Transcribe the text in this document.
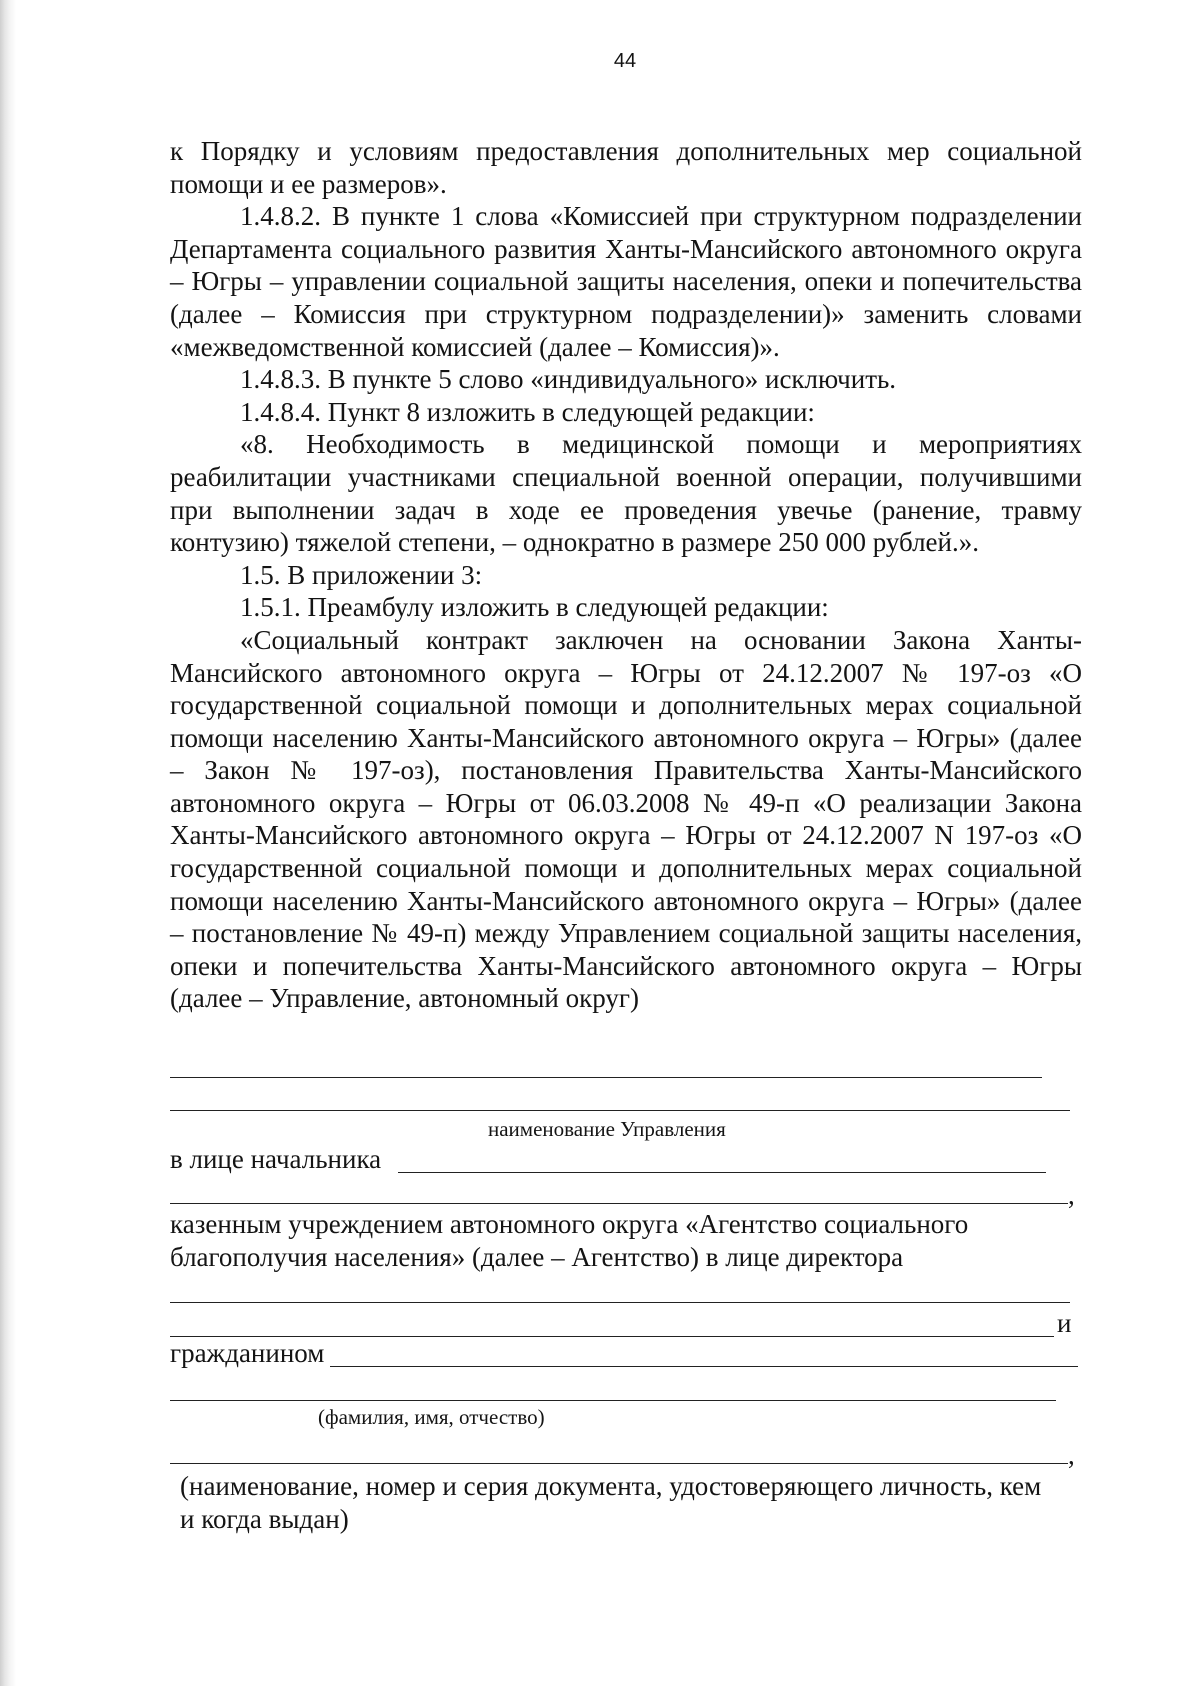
44

к Порядку и условиям предоставления дополнительных мер социальной помощи и ее размеров».

1.4.8.2. В пункте 1 слова «Комиссией при структурном подразделении Департамента социального развития Ханты-Мансийского автономного округа – Югры – управлении социальной защиты населения, опеки и попечительства (далее – Комиссия при структурном подразделении)» заменить словами «межведомственной комиссией (далее – Комиссия)».

1.4.8.3. В пункте 5 слово «индивидуального» исключить.

1.4.8.4. Пункт 8 изложить в следующей редакции:

«8. Необходимость в медицинской помощи и мероприятиях реабилитации участниками специальной военной операции, получившими при выполнении задач в ходе ее проведения увечье (ранение, травму контузию) тяжелой степени, – однократно в размере 250 000 рублей.».

1.5. В приложении 3:

1.5.1. Преамбулу изложить в следующей редакции:

«Социальный контракт заключен на основании Закона Ханты-Мансийского автономного округа – Югры от 24.12.2007 № 197-оз «О государственной социальной помощи и дополнительных мерах социальной помощи населению Ханты-Мансийского автономного округа – Югры» (далее – Закон № 197-оз), постановления Правительства Ханты-Мансийского автономного округа – Югры от 06.03.2008 № 49-п «О реализации Закона Ханты-Мансийского автономного округа – Югры от 24.12.2007 N 197-оз «О государственной социальной помощи и дополнительных мерах социальной помощи населению Ханты-Мансийского автономного округа – Югры» (далее – постановление № 49-п) между Управлением социальной защиты населения, опеки и попечительства Ханты-Мансийского автономного округа – Югры (далее – Управление, автономный округ)

наименование Управления
в лице начальника
,

казенным учреждением автономного округа «Агентство социального благополучия населения» (далее – Агентство) в лице директора

и
гражданином
(фамилия, имя, отчество)
,

(наименование, номер и серия документа, удостоверяющего личность, кем и когда выдан)
